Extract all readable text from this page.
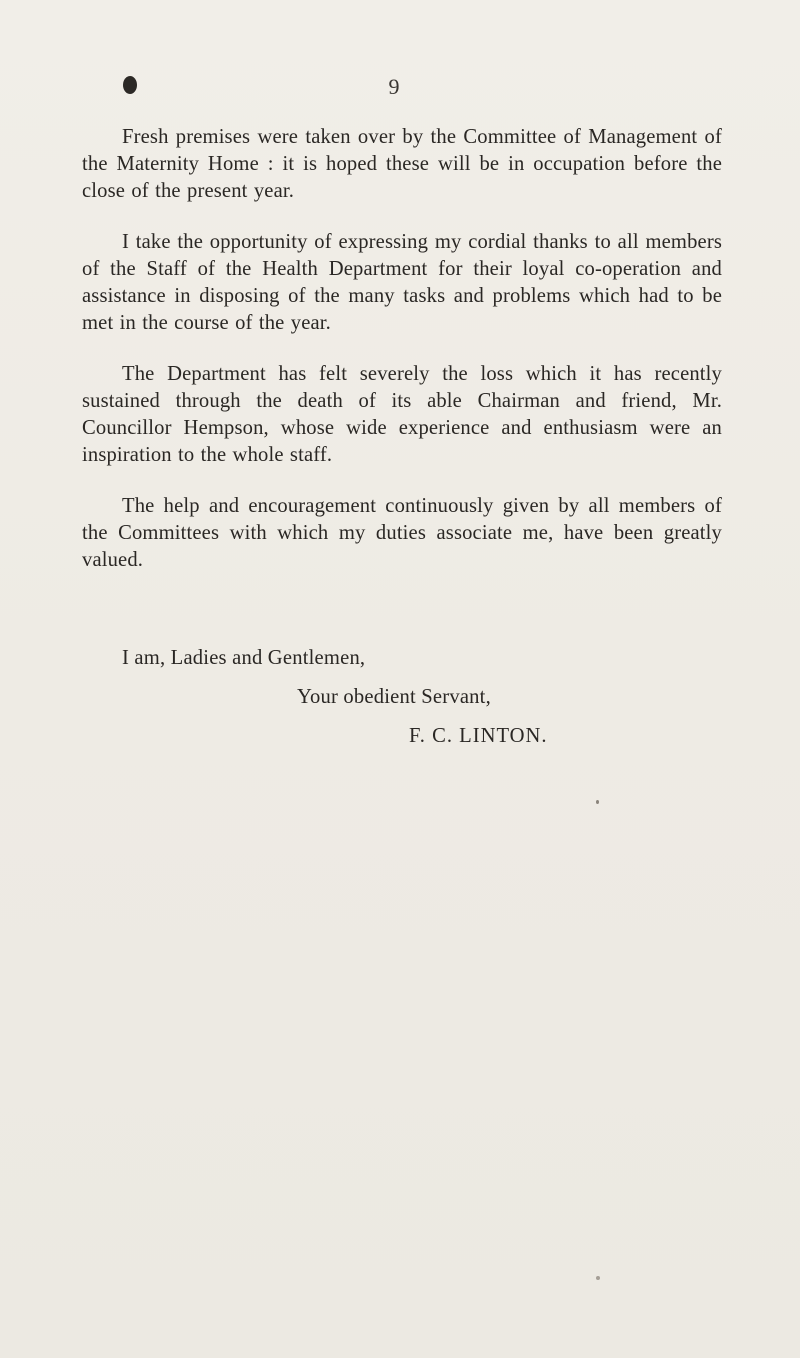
9

Fresh premises were taken over by the Committee of Management of the Maternity Home : it is hoped these will be in occupation before the close of the present year.

I take the opportunity of expressing my cordial thanks to all members of the Staff of the Health Department for their loyal co-operation and assistance in disposing of the many tasks and problems which had to be met in the course of the year.

The Department has felt severely the loss which it has recently sustained through the death of its able Chairman and friend, Mr. Councillor Hempson, whose wide experience and enthusiasm were an inspiration to the whole staff.

The help and encouragement continuously given by all members of the Committees with which my duties associate me, have been greatly valued.

I am, Ladies and Gentlemen,
Your obedient Servant,
F. C. LINTON.
